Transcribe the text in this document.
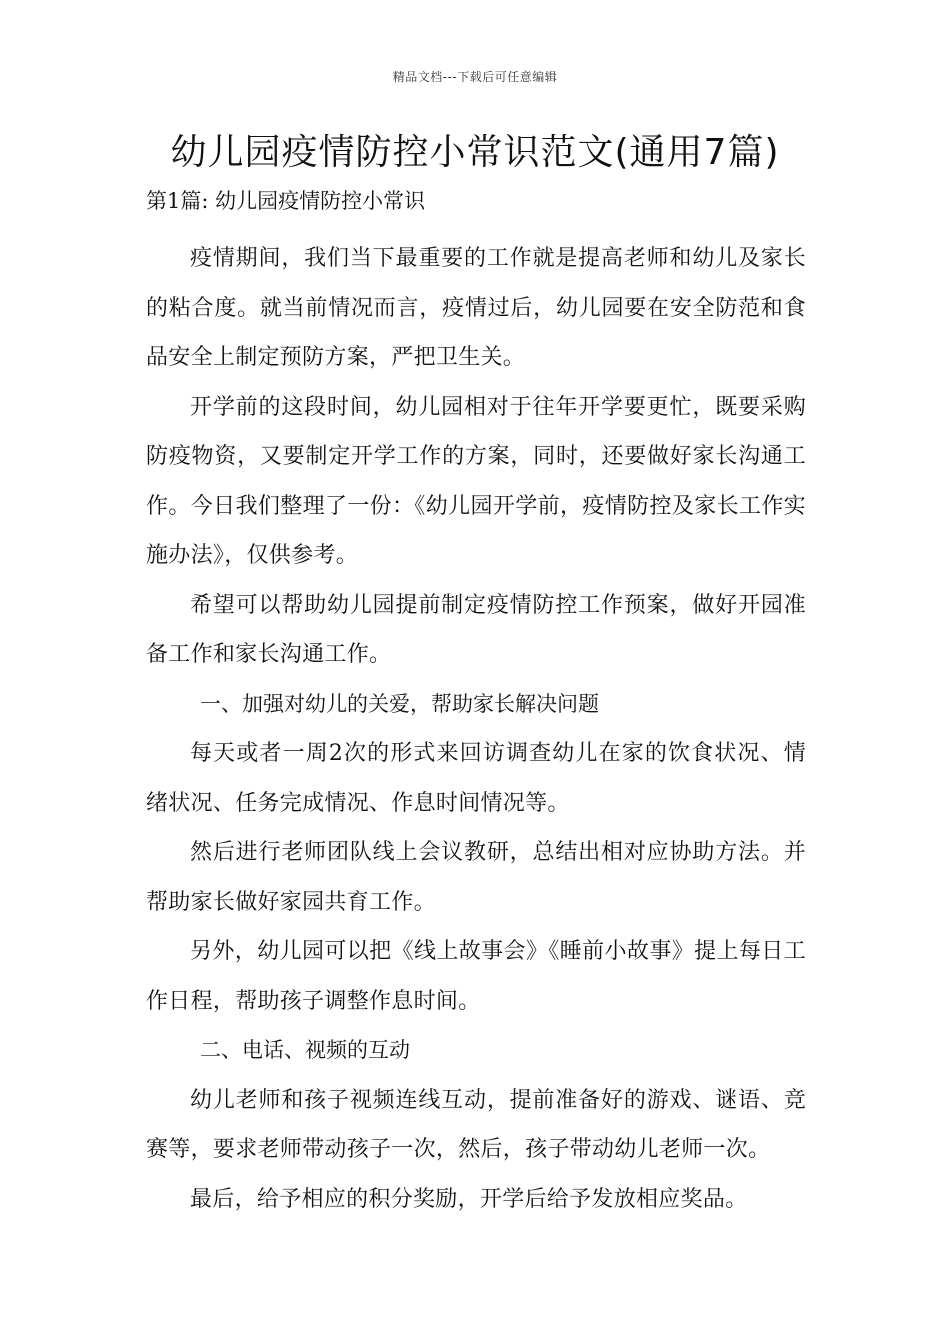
精品文档---下载后可任意编辑
幼儿园疫情防控小常识范文(通用7篇)
第1篇: 幼儿园疫情防控小常识

疫情期间，我们当下最重要的工作就是提高老师和幼儿及家长的粘合度。就当前情况而言，疫情过后，幼儿园要在安全防范和食品安全上制定预防方案，严把卫生关。

开学前的这段时间，幼儿园相对于往年开学要更忙，既要采购防疫物资，又要制定开学工作的方案，同时，还要做好家长沟通工作。今日我们整理了一份：《幼儿园开学前，疫情防控及家长工作实施办法》，仅供参考。

希望可以帮助幼儿园提前制定疫情防控工作预案，做好开园准备工作和家长沟通工作。

一、加强对幼儿的关爱，帮助家长解决问题

每天或者一周2次的形式来回访调查幼儿在家的饮食状况、情绪状况、任务完成情况、作息时间情况等。

然后进行老师团队线上会议教研，总结出相对应协助方法。并帮助家长做好家园共育工作。

另外，幼儿园可以把《线上故事会》《睡前小故事》提上每日工作日程，帮助孩子调整作息时间。

二、电话、视频的互动

幼儿老师和孩子视频连线互动，提前准备好的游戏、谜语、竞赛等，要求老师带动孩子一次，然后，孩子带动幼儿老师一次。

最后，给予相应的积分奖励，开学后给予发放相应奖品。
